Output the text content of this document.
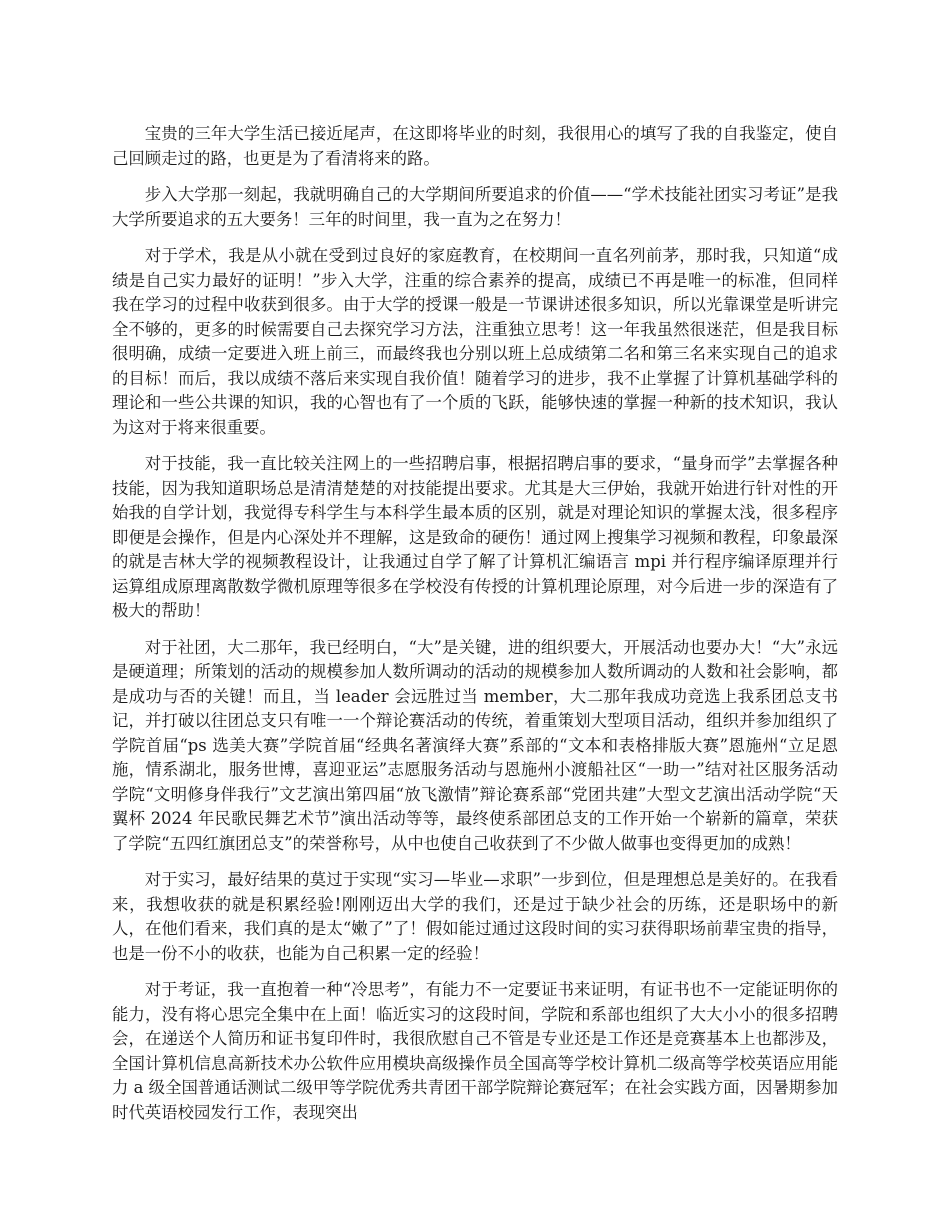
宝贵的三年大学生活已接近尾声，在这即将毕业的时刻，我很用心的填写了我的自我鉴定，使自己回顾走过的路，也更是为了看清将来的路。

步入大学那一刻起，我就明确自己的大学期间所要追求的价值——“学术技能社团实习考证”是我大学所要追求的五大要务！三年的时间里，我一直为之在努力！

对于学术，我是从小就在受到过良好的家庭教育，在校期间一直名列前茅，那时我，只知道“成绩是自己实力最好的证明！”步入大学，注重的综合素养的提高，成绩已不再是唯一的标准，但同样我在学习的过程中收获到很多。由于大学的授课一般是一节课讲述很多知识，所以光靠课堂是听讲完全不够的，更多的时候需要自己去探究学习方法，注重独立思考！这一年我虽然很迷茫，但是我目标很明确，成绩一定要进入班上前三，而最终我也分别以班上总成绩第二名和第三名来实现自己的追求的目标！而后，我以成绩不落后来实现自我价值！随着学习的进步，我不止掌握了计算机基础学科的理论和一些公共课的知识，我的心智也有了一个质的飞跃，能够快速的掌握一种新的技术知识，我认为这对于将来很重要。

对于技能，我一直比较关注网上的一些招聘启事，根据招聘启事的要求，“量身而学”去掌握各种技能，因为我知道职场总是清清楚楚的对技能提出要求。尤其是大三伊始，我就开始进行针对性的开始我的自学计划，我觉得专科学生与本科学生最本质的区别，就是对理论知识的掌握太浅，很多程序即便是会操作，但是内心深处并不理解，这是致命的硬伤！通过网上搜集学习视频和教程，印象最深的就是吉林大学的视频教程设计，让我通过自学了解了计算机汇编语言 mpi 并行程序编译原理并行运算组成原理离散数学微机原理等很多在学校没有传授的计算机理论原理，对今后进一步的深造有了极大的帮助！

对于社团，大二那年，我已经明白，“大”是关键，进的组织要大，开展活动也要办大！“大”永远是硬道理；所策划的活动的规模参加人数所调动的活动的规模参加人数所调动的人数和社会影响，都是成功与否的关键！而且，当 leader 会远胜过当 member，大二那年我成功竞选上我系团总支书记，并打破以往团总支只有唯一一个辩论赛活动的传统，着重策划大型项目活动，组织并参加组织了学院首届“ps 选美大赛”学院首届“经典名著演绎大赛”系部的“文本和表格排版大赛”恩施州“立足恩施，情系湖北，服务世博，喜迎亚运”志愿服务活动与恩施州小渡船社区“一助一”结对社区服务活动学院“文明修身伴我行”文艺演出第四届“放飞激情”辩论赛系部“党团共建”大型文艺演出活动学院“天翼杯 2024 年民歌民舞艺术节”演出活动等等，最终使系部团总支的工作开始一个崭新的篇章，荣获了学院“五四红旗团总支”的荣誉称号，从中也使自己收获到了不少做人做事也变得更加的成熟！

对于实习，最好结果的莫过于实现“实习—毕业—求职”一步到位，但是理想总是美好的。在我看来，我想收获的就是积累经验!刚刚迈出大学的我们，还是过于缺少社会的历练，还是职场中的新人，在他们看来，我们真的是太“嫩了”了！假如能过通过这段时间的实习获得职场前辈宝贵的指导，也是一份不小的收获，也能为自己积累一定的经验！

对于考证，我一直抱着一种“冷思考”，有能力不一定要证书来证明，有证书也不一定能证明你的能力，没有将心思完全集中在上面！临近实习的这段时间，学院和系部也组织了大大小小的很多招聘会，在递送个人简历和证书复印件时，我很欣慰自己不管是专业还是工作还是竞赛基本上也都涉及，全国计算机信息高新技术办公软件应用模块高级操作员全国高等学校计算机二级高等学校英语应用能力 a 级全国普通话测试二级甲等学院优秀共青团干部学院辩论赛冠军；在社会实践方面，因暑期参加时代英语校园发行工作，表现突出
